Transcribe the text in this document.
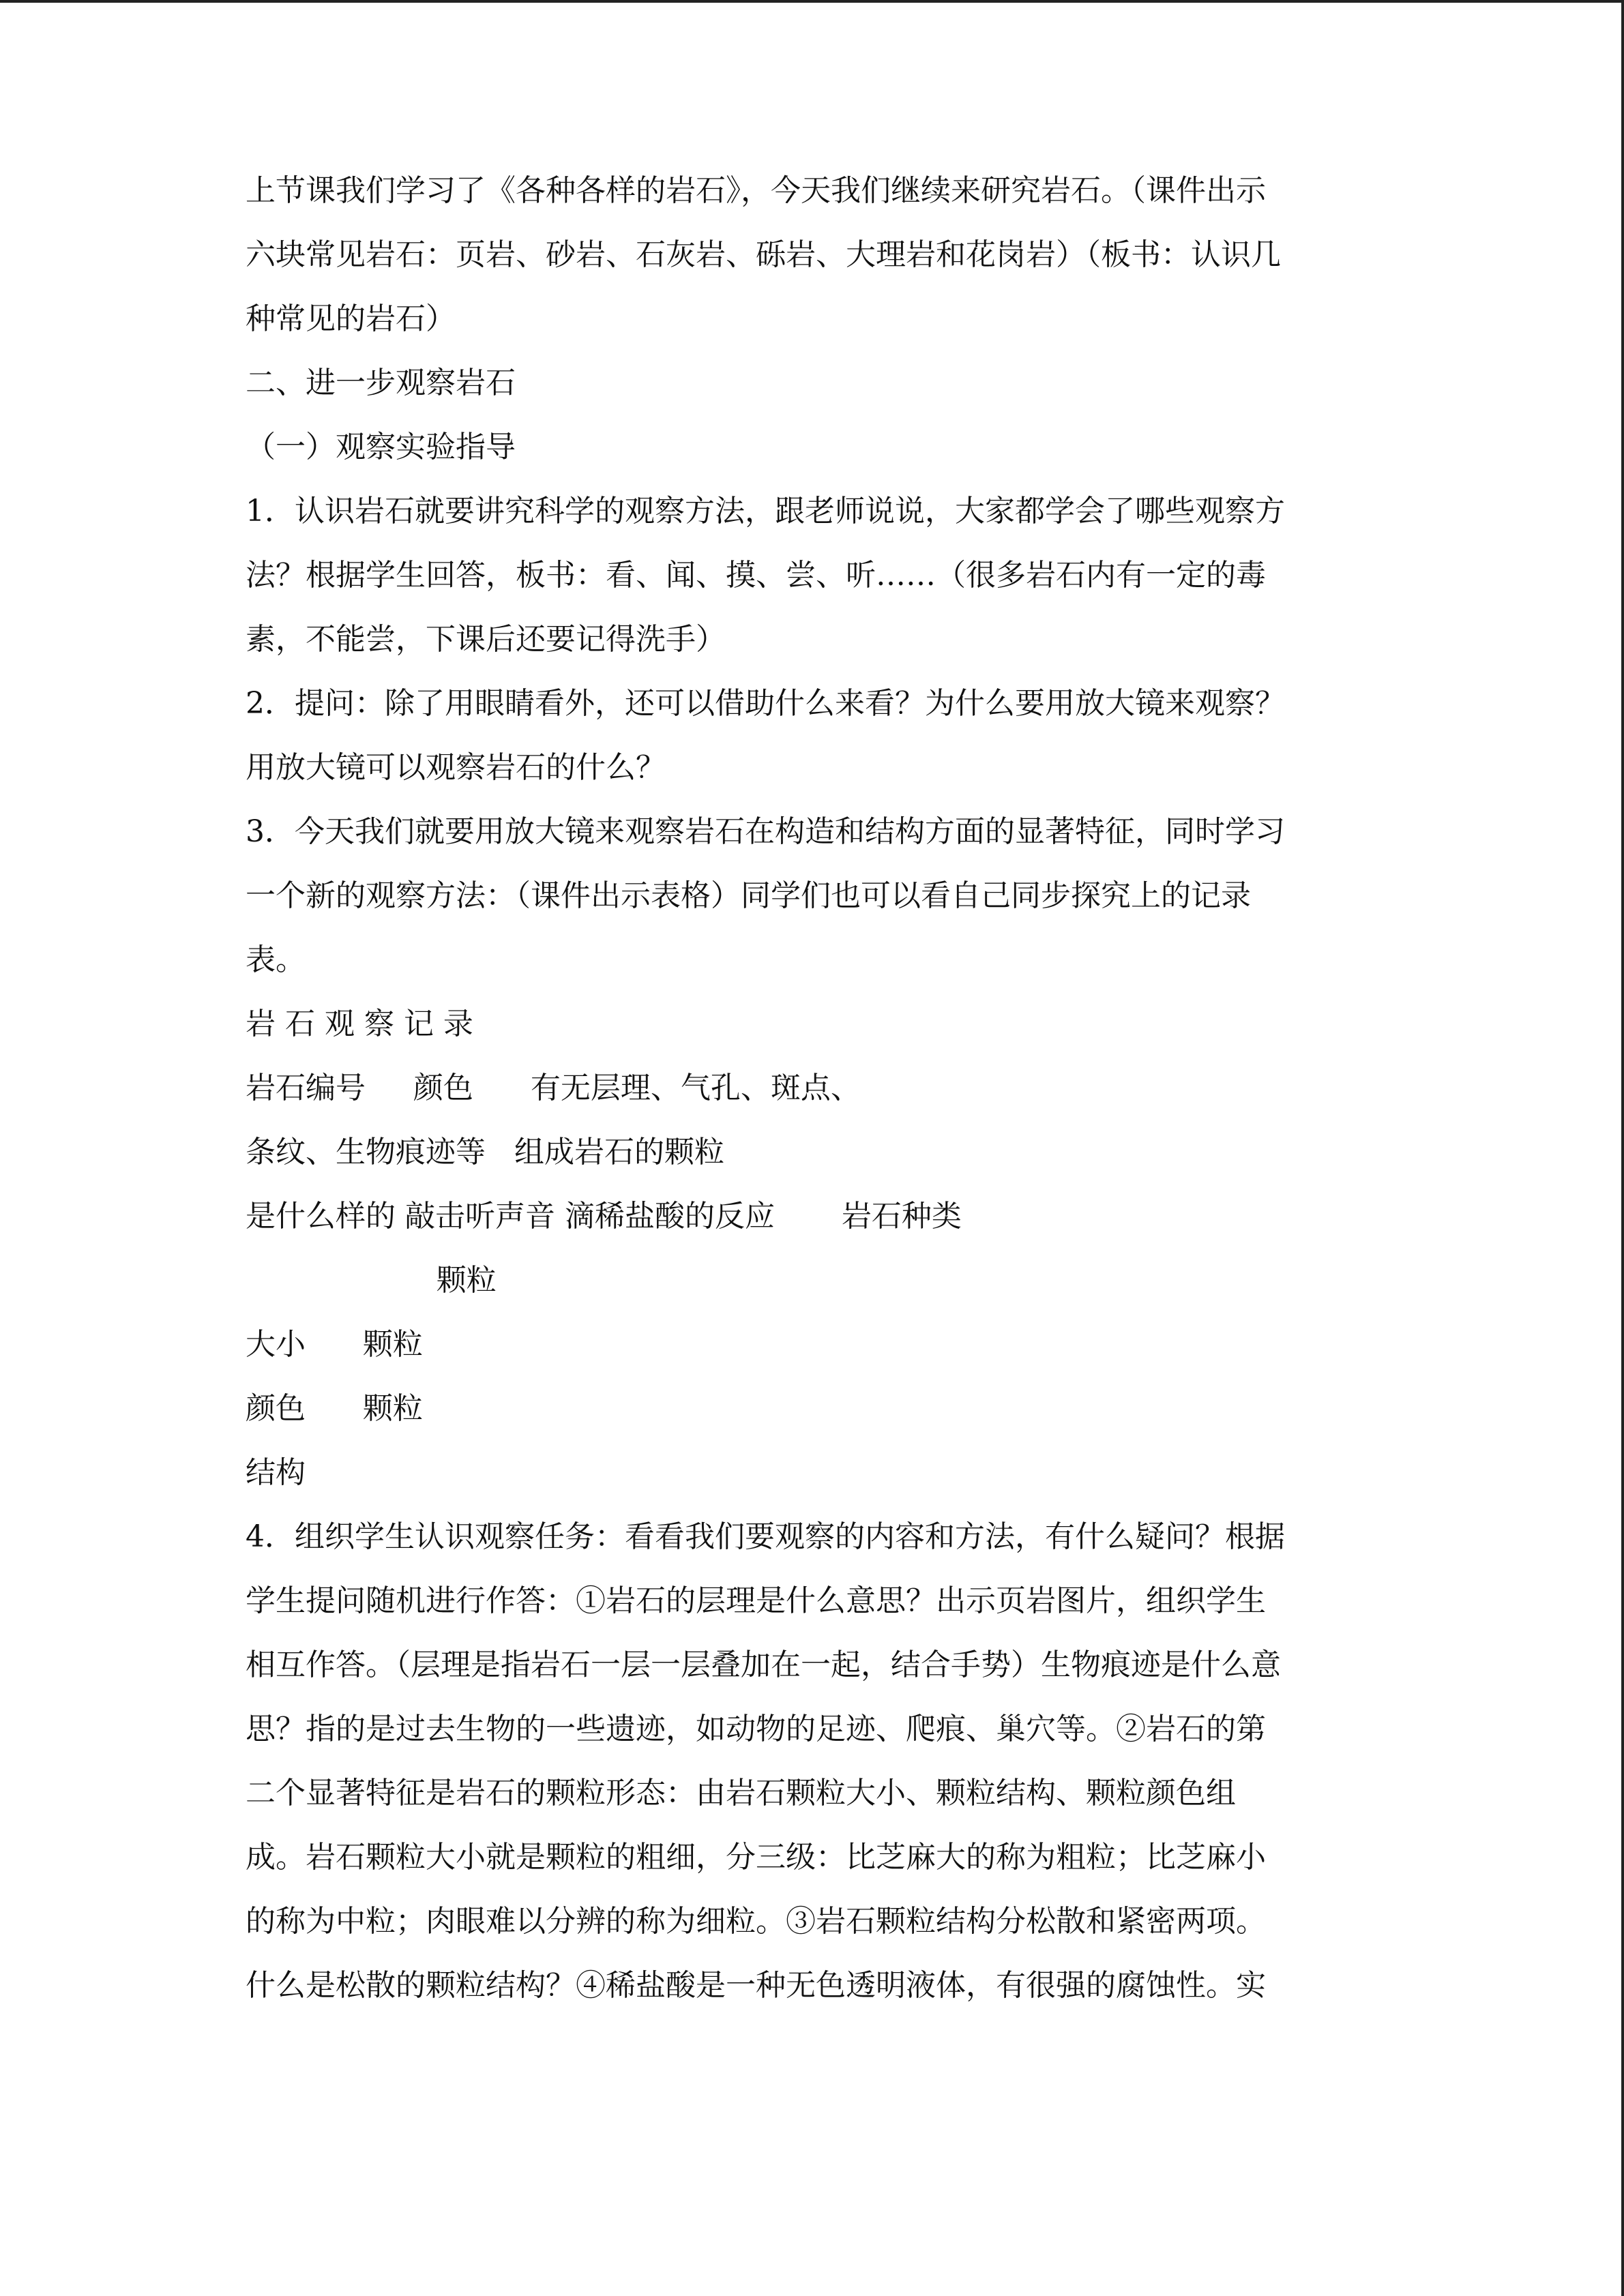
上节课我们学习了《各种各样的岩石》，今天我们继续来研究岩石。（课件出示
六块常见岩石：页岩、砂岩、石灰岩、砾岩、大理岩和花岗岩）（板书：认识几
种常见的岩石）
二、进一步观察岩石
（一）观察实验指导
1．认识岩石就要讲究科学的观察方法，跟老师说说，大家都学会了哪些观察方
法？根据学生回答，板书：看、闻、摸、尝、听……（很多岩石内有一定的毒
素，不能尝，下课后还要记得洗手）
2．提问：除了用眼睛看外，还可以借助什么来看？为什么要用放大镜来观察？
用放大镜可以观察岩石的什么？
3．今天我们就要用放大镜来观察岩石在构造和结构方面的显著特征，同时学习
一个新的观察方法：（课件出示表格）同学们也可以看自己同步探究上的记录
表。
岩 石 观 察 记 录
岩石编号     颜色      有无层理、气孔、斑点、
条纹、生物痕迹等   组成岩石的颗粒
是什么样的 敲击听声音 滴稀盐酸的反应       岩石种类
颗粒
大小      颗粒
颜色      颗粒
结构
4．组织学生认识观察任务：看看我们要观察的内容和方法，有什么疑问？根据
学生提问随机进行作答：①岩石的层理是什么意思？出示页岩图片，组织学生
相互作答。（层理是指岩石一层一层叠加在一起，结合手势）生物痕迹是什么意
思？指的是过去生物的一些遗迹，如动物的足迹、爬痕、巢穴等。②岩石的第
二个显著特征是岩石的颗粒形态：由岩石颗粒大小、颗粒结构、颗粒颜色组
成。岩石颗粒大小就是颗粒的粗细，分三级：比芝麻大的称为粗粒；比芝麻小
的称为中粒；肉眼难以分辨的称为细粒。③岩石颗粒结构分松散和紧密两项。
什么是松散的颗粒结构？④稀盐酸是一种无色透明液体，有很强的腐蚀性。实
